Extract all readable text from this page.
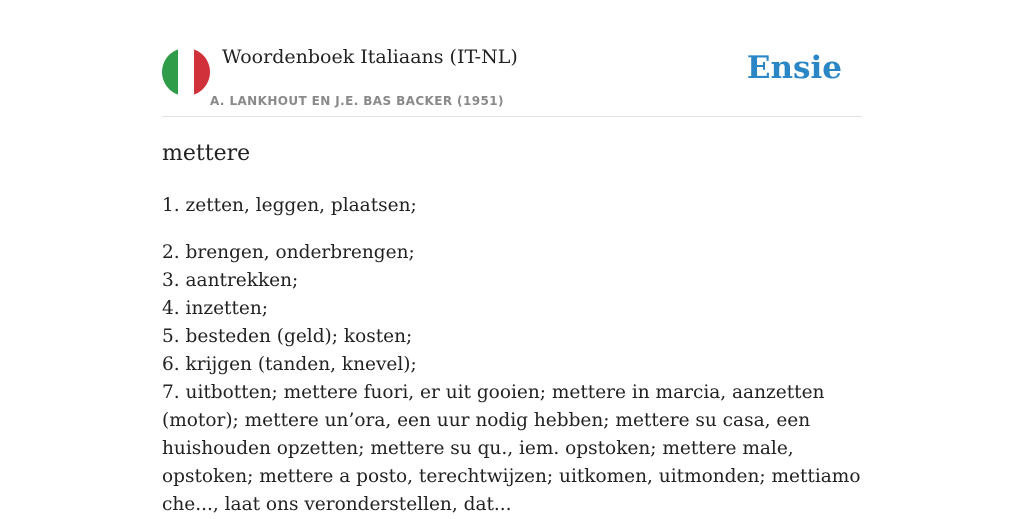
Woordenboek Italiaans (IT-NL)
A. LANKHOUT EN J.E. BAS BACKER (1951)
Ensie
mettere
1. zetten, leggen, plaatsen;
2. brengen, onderbrengen;
3. aantrekken;
4. inzetten;
5. besteden (geld); kosten;
6. krijgen (tanden, knevel);
7. uitbotten; mettere fuori, er uit gooien; mettere in marcia, aanzetten (motor); mettere un’ora, een uur nodig hebben; mettere su casa, een huishouden opzetten; mettere su qu., iem. opstoken; mettere male, opstoken; mettere a posto, terechtwijzen; uitkomen, uitmonden; mettiamo che..., laat ons veronderstellen, dat...
